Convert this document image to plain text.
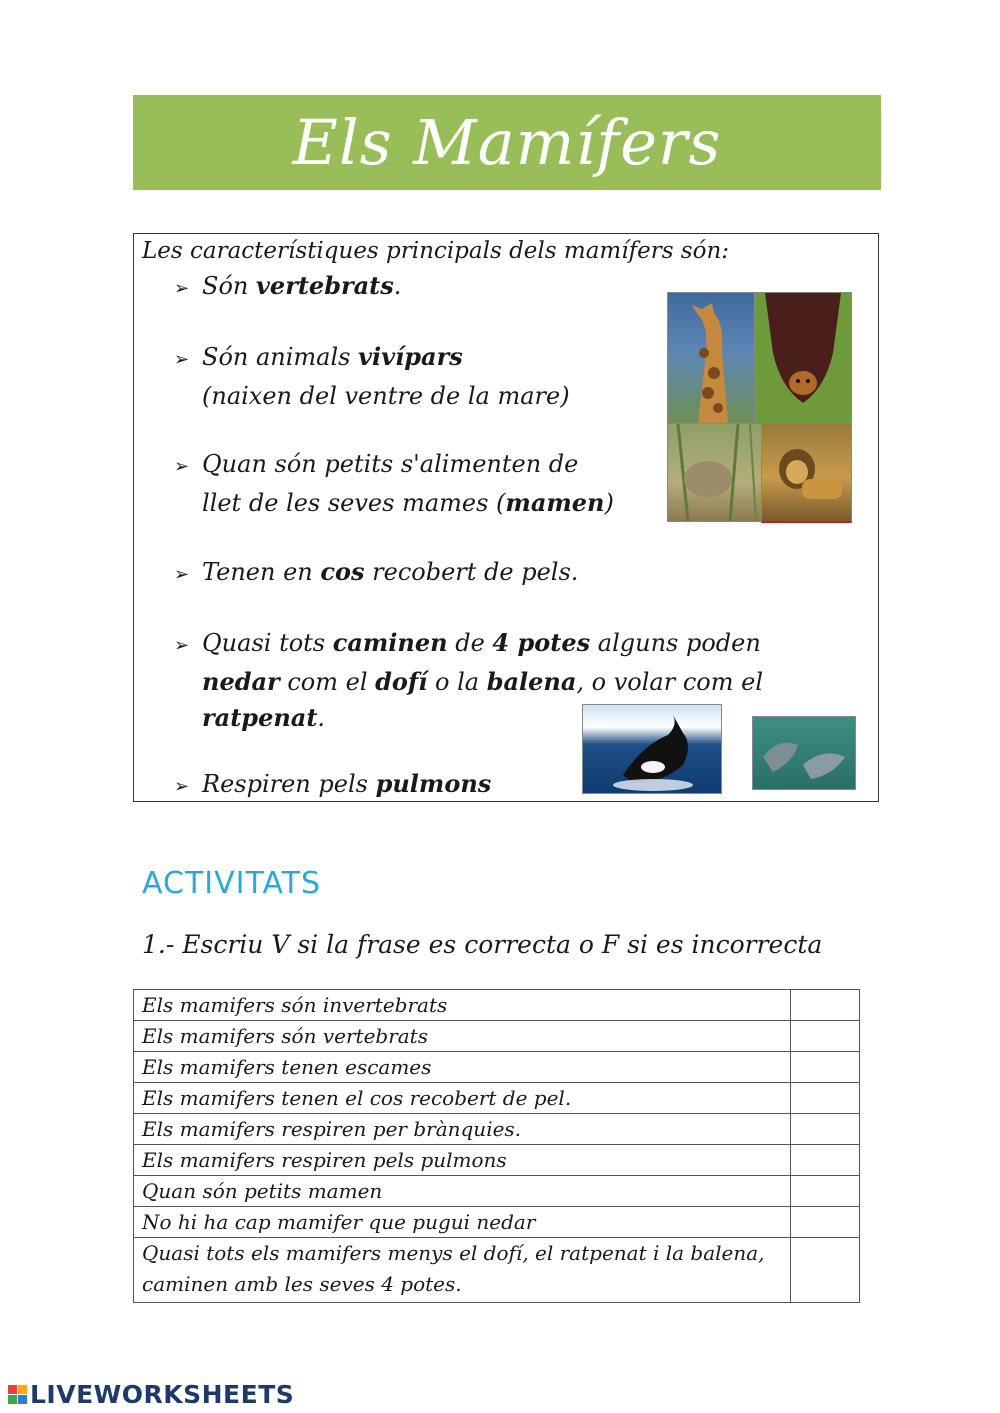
Els Mamífers
Les característiques principals dels mamífers són:
➢ Són vertebrats.
➢ Són animals vivípars
(naixen del ventre de la mare)
➢ Quan són petits s'alimenten de
llet de les seves mames (mamen)
➢ Tenen en cos recobert de pels.
➢ Quasi tots caminen de 4 potes alguns poden
nedar com el dofí o la balena, o volar com el
ratpenat.
➢ Respiren pels pulmons
ACTIVITATS
1.- Escriu V si la frase es correcta o F si es incorrecta
Els mamifers són invertebrats	
Els mamifers són vertebrats	
Els mamifers tenen escames	
Els mamifers tenen el cos recobert de pel.	
Els mamifers respiren per brànquies.	
Els mamifers respiren pels pulmons	
Quan són petits mamen	
No hi ha cap mamifer que pugui nedar	
Quasi tots els mamifers menys el dofí, el ratpenat i la balena, caminen amb les seves 4 potes.	
LIVEWORKSHEETS
